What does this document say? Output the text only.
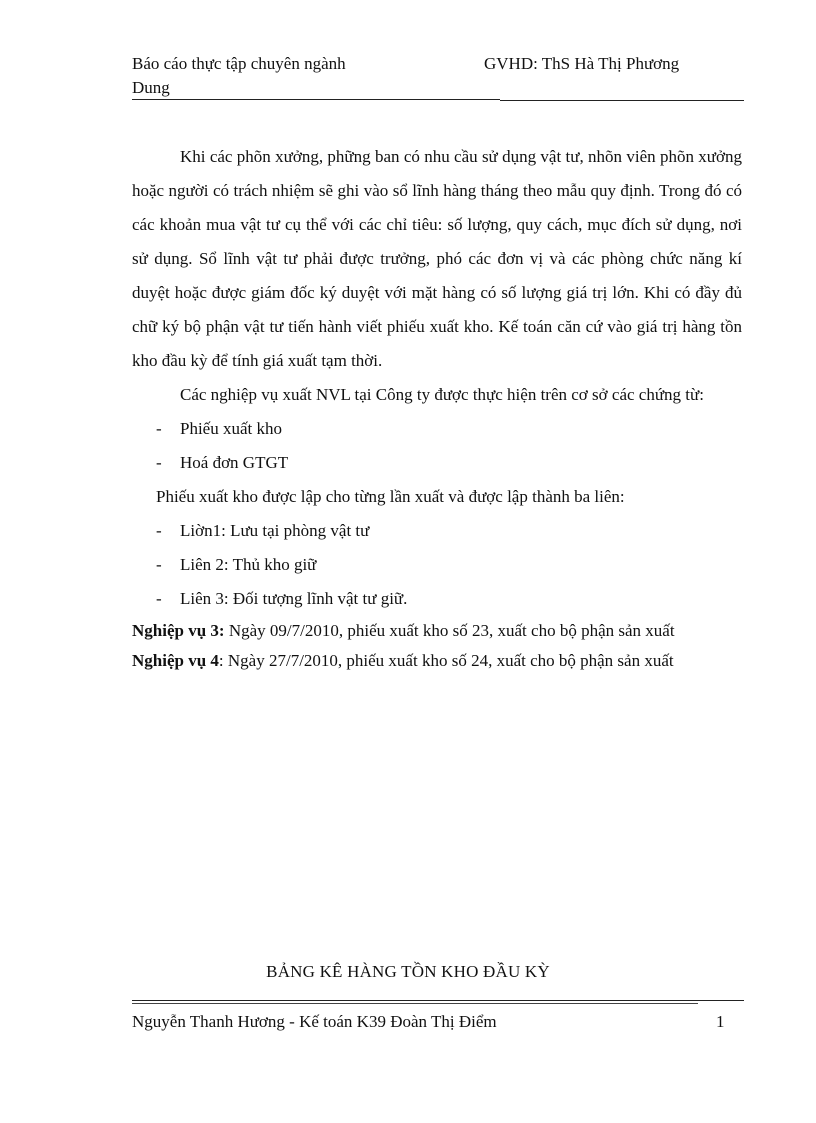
Báo cáo thực tập chuyên ngành
Dung
GVHD: ThS Hà Thị Phương

Khi các phõn xưởng, phững ban có nhu cầu sử dụng vật tư, nhõn viên phõn xưởng hoặc người có trách nhiệm sẽ ghi vào sổ lĩnh hàng tháng theo mẫu quy định. Trong đó có các khoản mua vật tư cụ thể với các chỉ tiêu: số lượng, quy cách, mục đích sử dụng, nơi sử dụng. Sổ lĩnh vật tư phải được trưởng, phó các đơn vị và các phòng chức năng kí duyệt hoặc được giám đốc ký duyệt với mặt hàng có số lượng giá trị lớn. Khi có đầy đủ chữ ký bộ phận vật tư tiến hành viết phiếu xuất kho. Kế toán căn cứ vào giá trị hàng tồn kho đầu kỳ để tính giá xuất tạm thời.

Các nghiệp vụ xuất NVL tại Công ty được thực hiện trên cơ sở các chứng từ:

-	Phiếu xuất kho
-	Hoá đơn GTGT

Phiếu xuất kho được lập cho từng lần xuất và được lập thành ba liên:

-	Liờn1: Lưu tại phòng vật tư
-	Liên 2: Thủ kho giữ
-	Liên 3: Đối tượng lĩnh vật tư giữ.

Nghiệp vụ 3: Ngày 09/7/2010, phiếu xuất kho số 23, xuất cho bộ phận sản xuất

Nghiệp vụ 4: Ngày 27/7/2010, phiếu xuất kho số 24, xuất cho bộ phận sản xuất

BẢNG KÊ HÀNG TỒN KHO ĐẦU KỲ
Nguyễn Thanh Hương - Kế toán K39 Đoàn Thị Điểm	1
